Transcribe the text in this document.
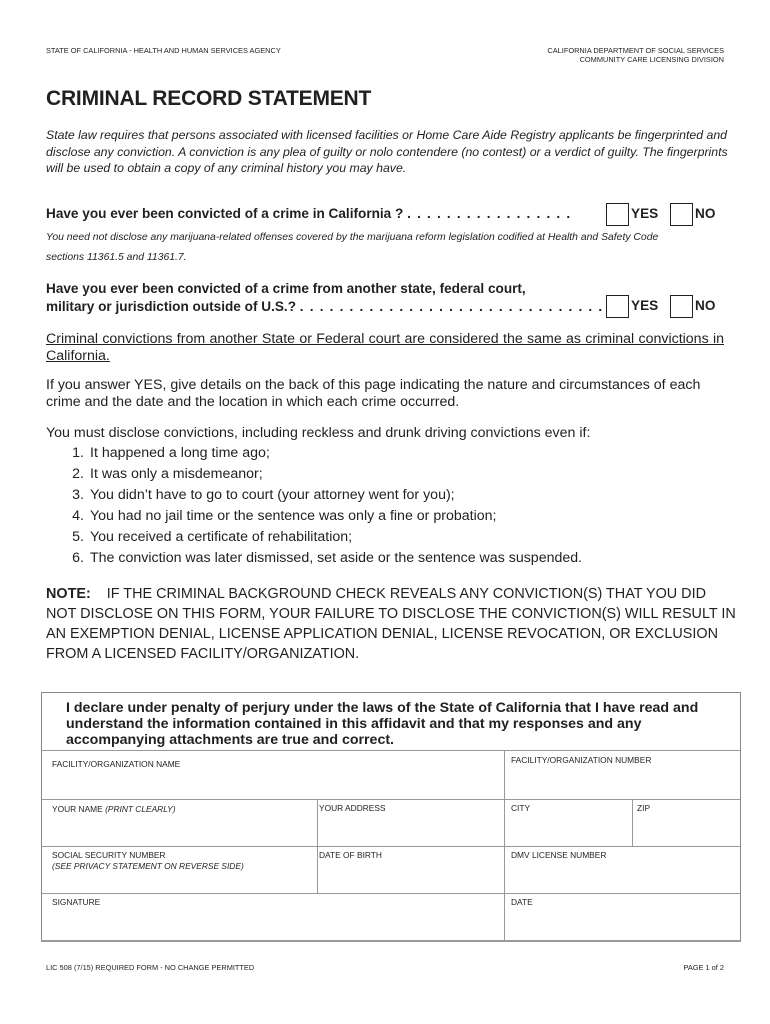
STATE OF CALIFORNIA - HEALTH AND HUMAN SERVICES AGENCY	CALIFORNIA DEPARTMENT OF SOCIAL SERVICES
COMMUNITY CARE LICENSING DIVISION
CRIMINAL RECORD STATEMENT
State law requires that persons associated with licensed facilities or Home Care Aide Registry applicants be fingerprinted and disclose any conviction. A conviction is any plea of guilty or nolo contendere (no contest) or a verdict of guilty. The fingerprints will be used to obtain a copy of any criminal history you may have.
Have you ever been convicted of a crime in California ? . . . . . . . . . . . . . . . . .	YES	NO
You need not disclose any marijuana-related offenses covered by the marijuana reform legislation codified at Health and Safety Code
sections 11361.5 and 11361.7.
Have you ever been convicted of a crime from another state, federal court,
military or jurisdiction outside of U.S.? . . . . . . . . . . . . . . . . . . . . . . . . . . . . . . . YES	NO
Criminal convictions from another State or Federal court are considered the same as criminal convictions in California.
If you answer YES, give details on the back of this page indicating the nature and circumstances of each crime and the date and the location in which each crime occurred.
You must disclose convictions, including reckless and drunk driving convictions even if:
1. It happened a long time ago;
2. It was only a misdemeanor;
3. You didn’t have to go to court (your attorney went for you);
4. You had no jail time or the sentence was only a fine or probation;
5. You received a certificate of rehabilitation;
6. The conviction was later dismissed, set aside or the sentence was suspended.
NOTE: IF THE CRIMINAL BACKGROUND CHECK REVEALS ANY CONVICTION(S) THAT YOU DID NOT DISCLOSE ON THIS FORM, YOUR FAILURE TO DISCLOSE THE CONVICTION(S) WILL RESULT IN AN EXEMPTION DENIAL, LICENSE APPLICATION DENIAL, LICENSE REVOCATION, OR EXCLUSION FROM A LICENSED FACILITY/ORGANIZATION.
I declare under penalty of perjury under the laws of the State of California that I have read and understand the information contained in this affidavit and that my responses and any accompanying attachments are true and correct.
FACILITY/ORGANIZATION NAME	FACILITY/ORGANIZATION NUMBER
YOUR NAME (PRINT CLEARLY)	YOUR ADDRESS	CITY	ZIP
SOCIAL SECURITY NUMBER
(SEE PRIVACY STATEMENT ON REVERSE SIDE)
DATE OF BIRTH	DMV LICENSE NUMBER
SIGNATURE	DATE
LIC 508 (7/15) REQUIRED FORM - NO CHANGE PERMITTED	PAGE 1 of 2
